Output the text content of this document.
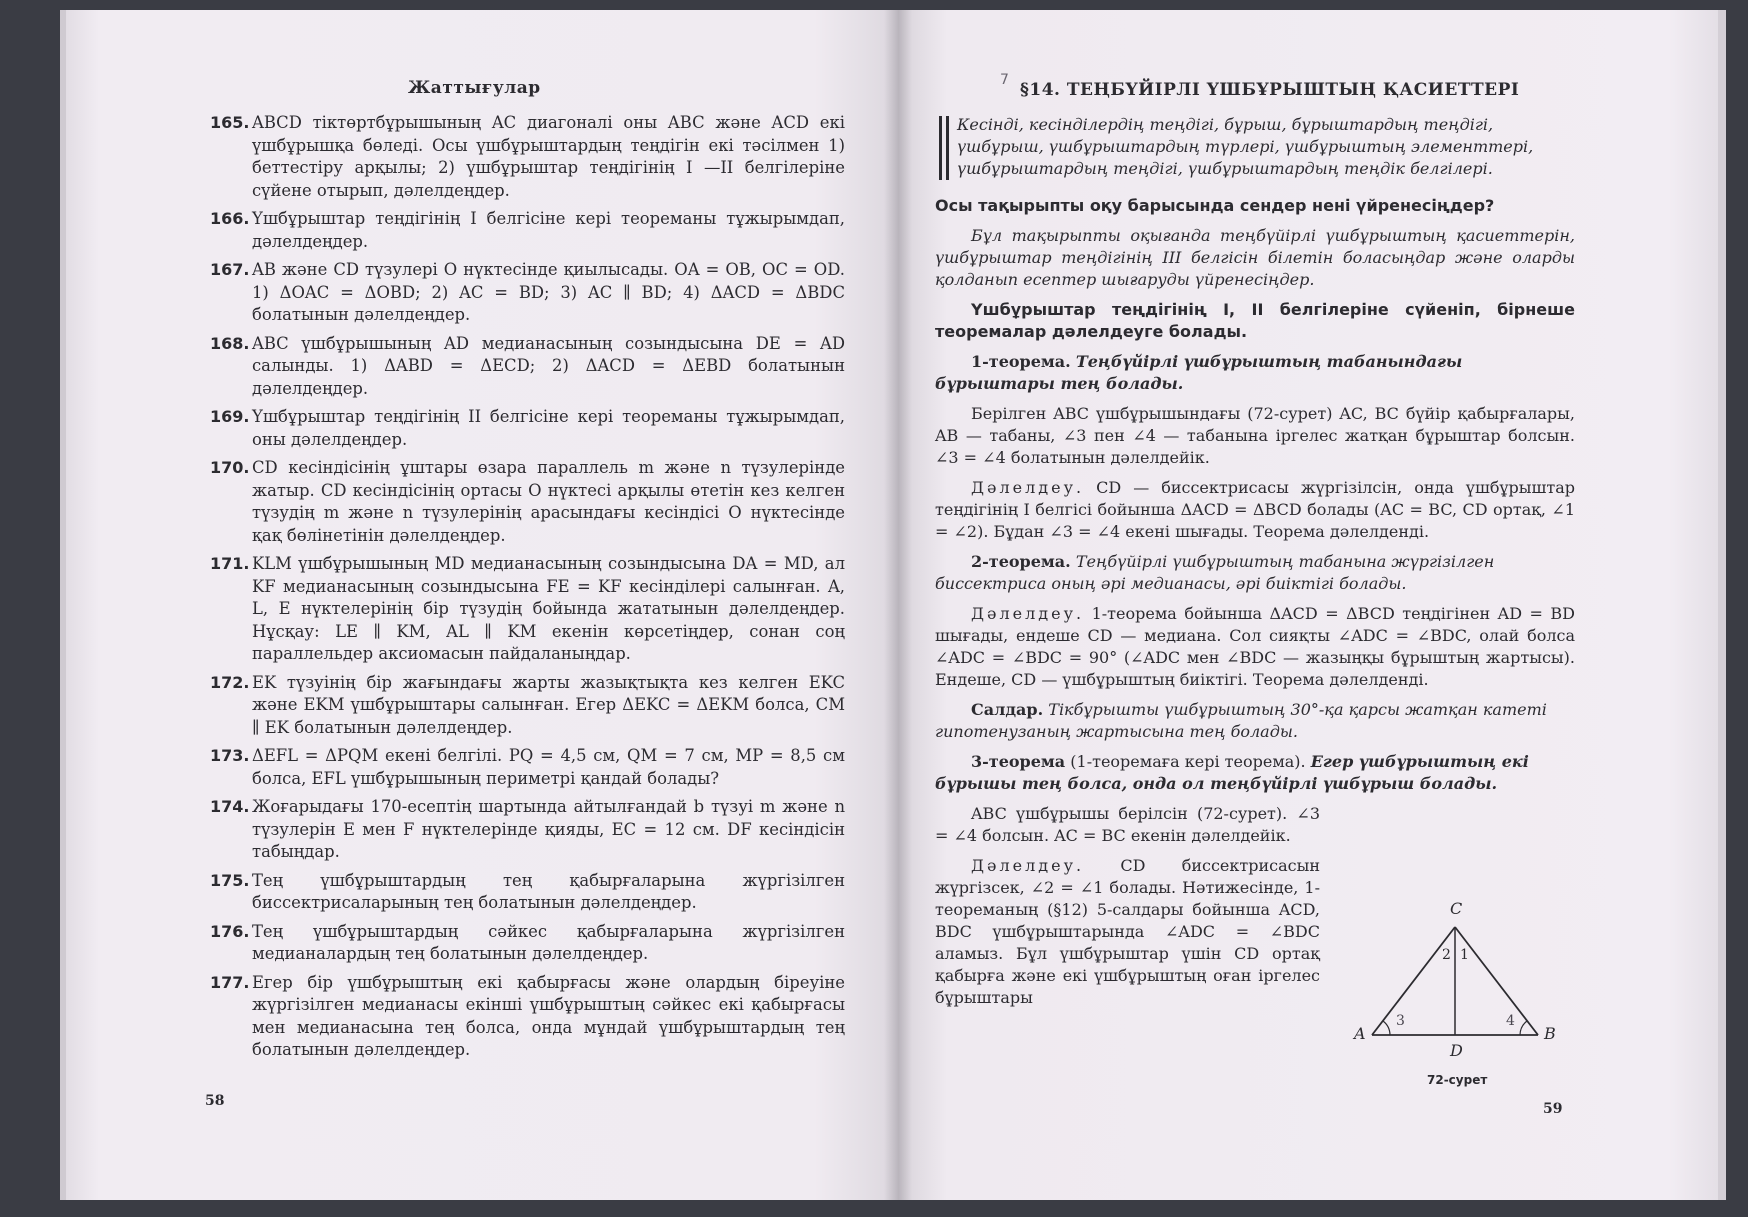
Жаттығулар
165. ABCD тіктөртбұрышының AC диагоналі оны ABC және ACD екі үшбұрышқа бөледі. Осы үшбұрыштардың теңдігін екі тәсілмен 1) беттестіру арқылы; 2) үшбұрыштар теңдігінің I —II белгілеріне сүйене отырып, дәлелдеңдер.
166. Үшбұрыштар теңдігінің I белгісіне кері теореманы тұжырымдап, дәлелдеңдер.
167. AB және CD түзулері O нүктесінде қиылысады. OA = OB, OC = OD. 1) ΔOAC = ΔOBD; 2) AC = BD; 3) AC ∥ BD; 4) ΔACD = ΔBDC болатынын дәлелдеңдер.
168. ABC үшбұрышының AD медианасының созындысына DE = AD салынды. 1) ΔABD = ΔECD; 2) ΔACD = ΔEBD болатынын дәлелдеңдер.
169. Үшбұрыштар теңдігінің II белгісіне кері теореманы тұжырымдап, оны дәлелдеңдер.
170. CD кесіндісінің ұштары өзара параллель m және n түзулерінде жатыр. CD кесіндісінің ортасы O нүктесі арқылы өтетін кез келген түзудің m және n түзулерінің арасындағы кесіндісі O нүктесінде қақ бөлінетінін дәлелдеңдер.
171. KLM үшбұрышының MD медианасының созындысына DA = MD, ал KF медианасының созындысына FE = KF кесінділері салынған. A, L, E нүктелерінің бір түзудің бойында жататынын дәлелдеңдер. Нұсқау: LE ∥ KM, AL ∥ KM екенін көрсетіңдер, сонан соң параллельдер аксиомасын пайдаланыңдар.
172. EK түзуінің бір жағындағы жарты жазықтықта кез келген EKC және EKM үшбұрыштары салынған. Егер ΔEKC = ΔEKM болса, CM ∥ EK болатынын дәлелдеңдер.
173. ΔEFL = ΔPQM екені белгілі. PQ = 4,5 см, QM = 7 см, MP = 8,5 см болса, EFL үшбұрышының периметрі қандай болады?
174. Жоғарыдағы 170-есептің шартында айтылғандай b түзуі m және n түзулерін E мен F нүктелерінде қияды, EC = 12 см. DF кесіндісін табыңдар.
175. Тең үшбұрыштардың тең қабырғаларына жүргізілген биссектрисаларының тең болатынын дәлелдеңдер.
176. Тең үшбұрыштардың сәйкес қабырғаларына жүргізілген медианалардың тең болатынын дәлелдеңдер.
177. Егер бір үшбұрыштың екі қабырғасы және олардың біреуіне жүргізілген медианасы екінші үшбұрыштың сәйкес екі қабырғасы мен медианасына тең болса, онда мұндай үшбұрыштардың тең болатынын дәлелдеңдер.
58
7 §14. ТЕҢБҮЙІРЛІ ҮШБҰРЫШТЫҢ ҚАСИЕТТЕРІ
Кесінді, кесінділердің теңдігі, бұрыш, бұрыштардың теңдігі, үшбұрыш, үшбұрыштардың түрлері, үшбұрыштың элементтері, үшбұрыштардың теңдігі, үшбұрыштардың теңдік белгілері.
Осы тақырыпты оқу барысында сендер нені үйренесіңдер?
Бұл тақырыпты оқығанда теңбүйірлі үшбұрыштың қасиеттерін, үшбұрыштар теңдігінің III белгісін білетін боласыңдар және оларды қолданып есептер шығаруды үйренесіңдер.
Үшбұрыштар теңдігінің I, II белгілеріне сүйеніп, бірнеше теоремалар дәлелдеуге болады.
1-теорема. Теңбүйірлі үшбұрыштың табанындағы бұрыштары тең болады.
Берілген ABC үшбұрышындағы (72-сурет) AC, BC бүйір қабырғалары, AB — табаны, ∠3 пен ∠4 — табанына іргелес жатқан бұрыштар болсын. ∠3 = ∠4 болатынын дәлелдейік.
Дәлелдеу. CD — биссектрисасы жүргізілсін, онда үшбұрыштар теңдігінің I белгісі бойынша ΔACD = ΔBCD болады (AC = BC, CD ортақ, ∠1 = ∠2). Бұдан ∠3 = ∠4 екені шығады. Теорема дәлелденді.
2-теорема. Теңбүйірлі үшбұрыштың табанына жүргізілген биссектриса оның әрі медианасы, әрі биіктігі болады.
Дәлелдеу. 1-теорема бойынша ΔACD = ΔBCD теңдігінен AD = BD шығады, ендеше CD — медиана. Сол сияқты ∠ADC = ∠BDC, олай болса ∠ADC = ∠BDC = 90° (∠ADC мен ∠BDC — жазыңқы бұрыштың жартысы). Ендеше, CD — үшбұрыштың биіктігі. Теорема дәлелденді.
Салдар. Тікбұрышты үшбұрыштың 30°-қа қарсы жатқан катеті гипотенузаның жартысына тең болады.
3-теорема (1-теоремаға кері теорема). Егер үшбұрыштың екі бұрышы тең болса, онда ол теңбүйірлі үшбұрыш болады.
ABC үшбұрышы берілсін (72-сурет). ∠3 = ∠4 болсын. AC = BC екенін дәлелдейік.
Дәлелдеу. CD биссектрисасын жүргізсек, ∠2 = ∠1 болады. Нәтижесінде, 1-теореманың (§12) 5-салдары бойынша ACD, BDC үшбұрыштарында ∠ADC = ∠BDC аламыз. Бұл үшбұрыштар үшін CD ортақ қабырға және екі үшбұрыштың оған іргелес бұрыштары
C
A	B
D
2 1
3	4
72-сурет
59
